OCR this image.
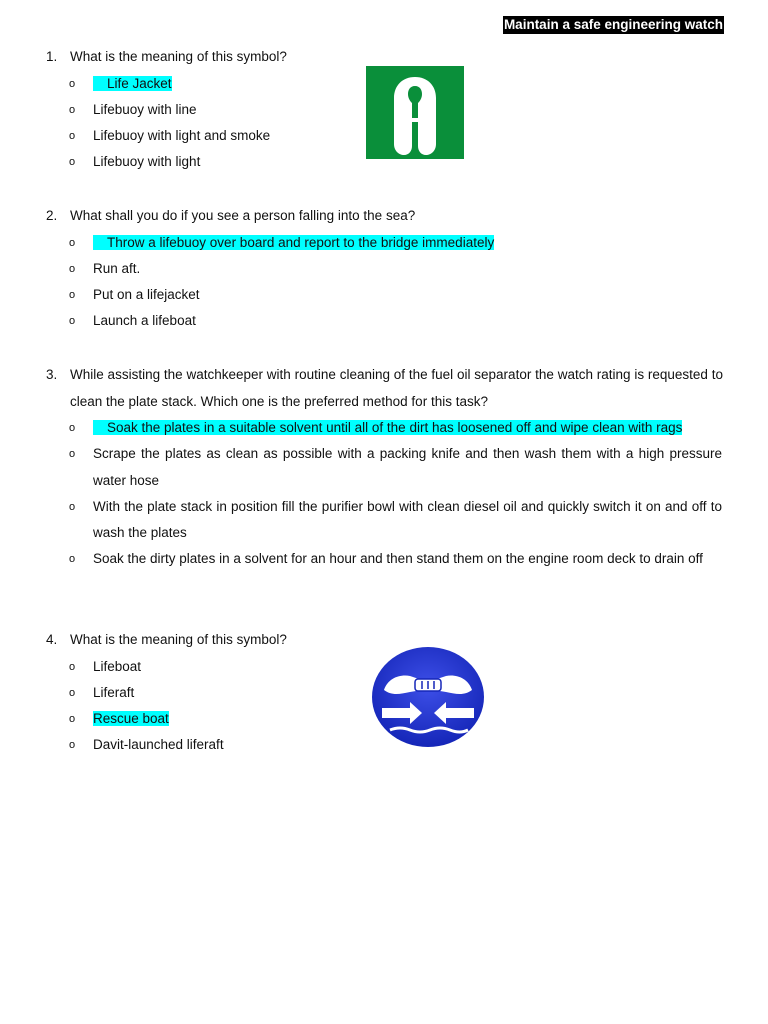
Maintain a safe engineering watch
1. What is the meaning of this symbol?
o	Life Jacket
o Lifebuoy with line
o Lifebuoy with light and smoke
o Lifebuoy with light
2. What shall you do if you see a person falling into the sea?
o	Throw a lifebuoy over board and report to the bridge immediately
o Run aft.
o Put on a lifejacket
o Launch a lifeboat
3. While assisting the watchkeeper with routine cleaning of the fuel oil separator the watch rating is requested to clean the plate stack. Which one is the preferred method for this task?
o	Soak the plates in a suitable solvent until all of the dirt has loosened off and wipe clean with rags
o Scrape the plates as clean as possible with a packing knife and then wash them with a high pressure water hose
o With the plate stack in position fill the purifier bowl with clean diesel oil and quickly switch it on and off to wash the plates
o Soak the dirty plates in a solvent for an hour and then stand them on the engine room deck to drain off
4. What is the meaning of this symbol?
o Lifeboat
o Liferaft
o Rescue boat
o Davit-launched liferaft
